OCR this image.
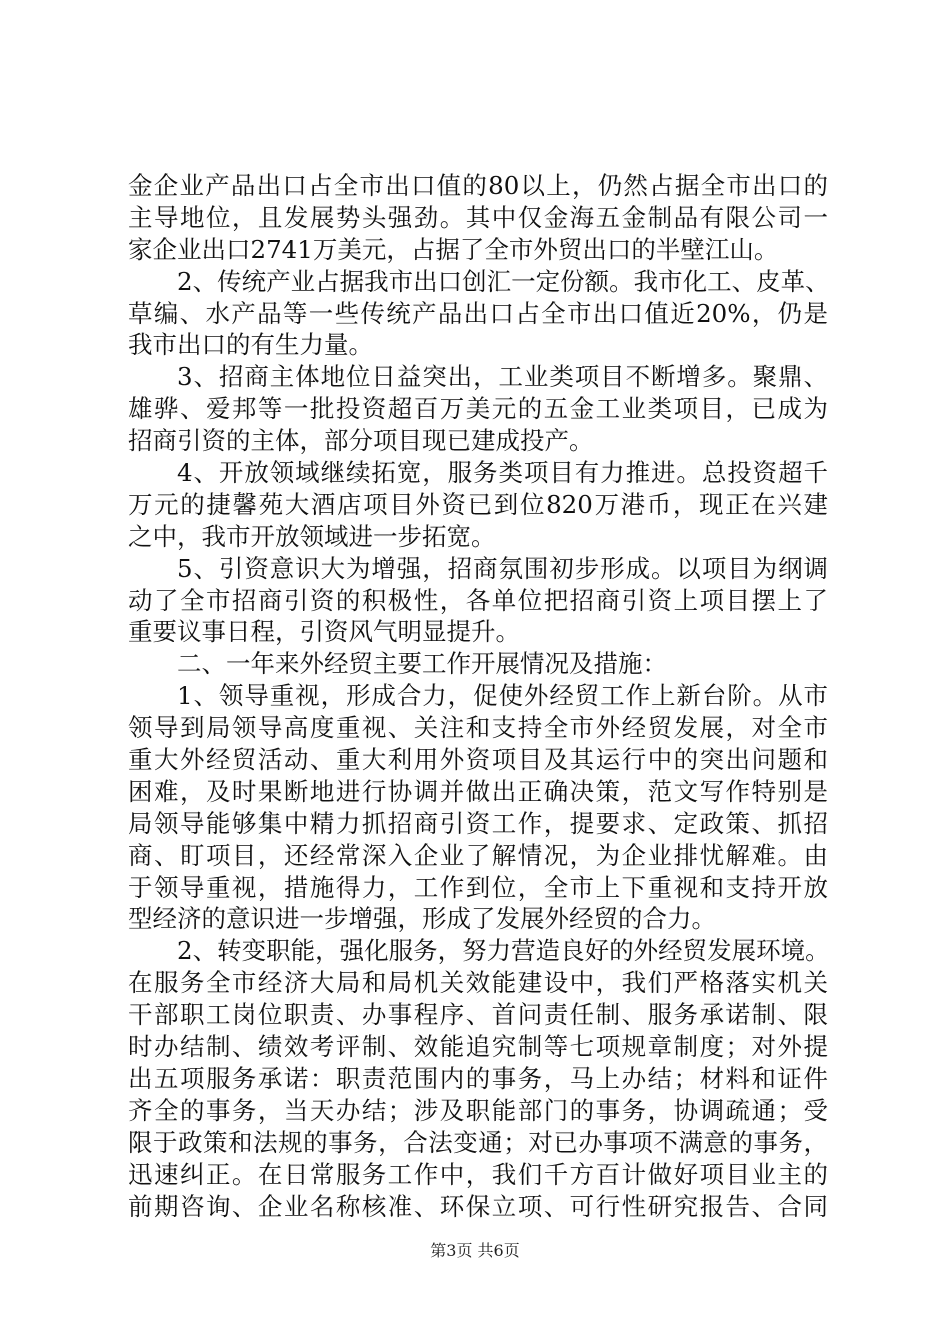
金企业产品出口占全市出口值的80以上，仍然占据全市出口的
主导地位，且发展势头强劲。其中仅金海五金制品有限公司一
家企业出口2741万美元，占据了全市外贸出口的半壁江山。
2、传统产业占据我市出口创汇一定份额。我市化工、皮革、
草编、水产品等一些传统产品出口占全市出口值近20%，仍是
我市出口的有生力量。
3、招商主体地位日益突出，工业类项目不断增多。聚鼎、
雄骅、爱邦等一批投资超百万美元的五金工业类项目，已成为
招商引资的主体，部分项目现已建成投产。
4、开放领域继续拓宽，服务类项目有力推进。总投资超千
万元的捷馨苑大酒店项目外资已到位820万港币，现正在兴建
之中，我市开放领域进一步拓宽。
5、引资意识大为增强，招商氛围初步形成。以项目为纲调
动了全市招商引资的积极性，各单位把招商引资上项目摆上了
重要议事日程，引资风气明显提升。
二、一年来外经贸主要工作开展情况及措施：
1、领导重视，形成合力，促使外经贸工作上新台阶。从市
领导到局领导高度重视、关注和支持全市外经贸发展，对全市
重大外经贸活动、重大利用外资项目及其运行中的突出问题和
困难，及时果断地进行协调并做出正确决策，范文写作特别是
局领导能够集中精力抓招商引资工作，提要求、定政策、抓招
商、盯项目，还经常深入企业了解情况，为企业排忧解难。由
于领导重视，措施得力，工作到位，全市上下重视和支持开放
型经济的意识进一步增强，形成了发展外经贸的合力。
2、转变职能，强化服务，努力营造良好的外经贸发展环境。
在服务全市经济大局和局机关效能建设中，我们严格落实机关
干部职工岗位职责、办事程序、首问责任制、服务承诺制、限
时办结制、绩效考评制、效能追究制等七项规章制度；对外提
出五项服务承诺：职责范围内的事务，马上办结；材料和证件
齐全的事务，当天办结；涉及职能部门的事务，协调疏通；受
限于政策和法规的事务，合法变通；对已办事项不满意的事务，
迅速纠正。在日常服务工作中，我们千方百计做好项目业主的
前期咨询、企业名称核准、环保立项、可行性研究报告、合同
第3页 共6页
